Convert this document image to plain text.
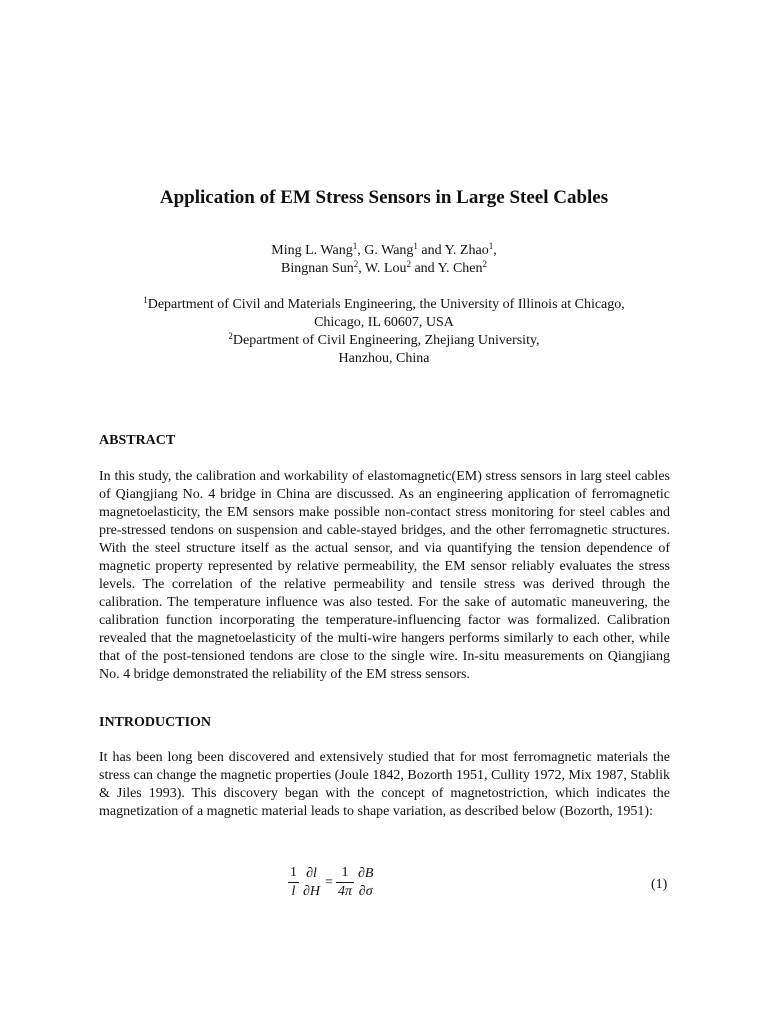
Application of EM Stress Sensors in Large Steel Cables
Ming L. Wang$^1$, G. Wang$^1$ and Y. Zhao$^1$,
Bingnan Sun$^2$, W. Lou$^2$ and Y. Chen$^2$
$^1$Department of Civil and Materials Engineering, the University of Illinois at Chicago,
Chicago, IL 60607, USA
$^2$Department of Civil Engineering, Zhejiang University,
Hanzhou, China
ABSTRACT
In this study, the calibration and workability of elastomagnetic(EM) stress sensors in larg steel cables of Qiangjiang No. 4 bridge in China are discussed. As an engineering application of ferromagnetic magnetoelasticity, the EM sensors make possible non-contact stress monitoring for steel cables and pre-stressed tendons on suspension and cable-stayed bridges, and the other ferromagnetic structures. With the steel structure itself as the actual sensor, and via quantifying the tension dependence of magnetic property represented by relative permeability, the EM sensor reliably evaluates the stress levels. The correlation of the relative permeability and tensile stress was derived through the calibration. The temperature influence was also tested. For the sake of automatic maneuvering, the calibration function incorporating the temperature-influencing factor was formalized. Calibration revealed that the magnetoelasticity of the multi-wire hangers performs similarly to each other, while that of the post-tensioned tendons are close to the single wire. In-situ measurements on Qiangjiang No. 4 bridge demonstrated the reliability of the EM stress sensors.
INTRODUCTION
It has been long been discovered and extensively studied that for most ferromagnetic materials the stress can change the magnetic properties (Joule 1842, Bozorth 1951, Cullity 1972, Mix 1987, Stablik & Jiles 1993). This discovery began with the concept of magnetostriction, which indicates the magnetization of a magnetic material leads to shape variation, as described below (Bozorth, 1951):
$\frac{1}{l} \partial l$
∂H
= $\frac{1}{4\pi} \partial B$
∂σ	(1)
